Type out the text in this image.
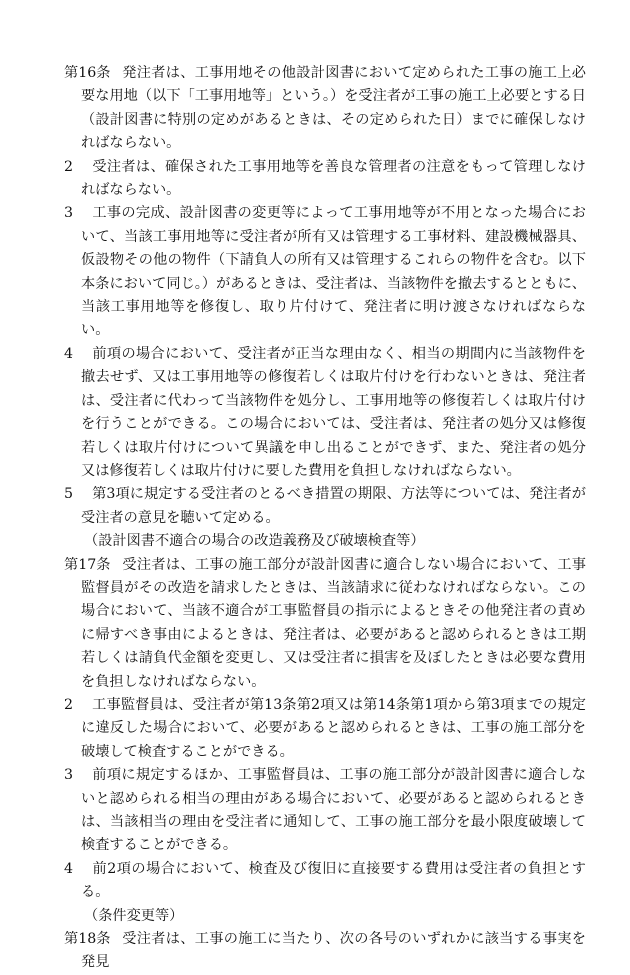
第16条 発注者は、工事用地その他設計図書において定められた工事の施工上必要な用地（以下「工事用地等」という。）を受注者が工事の施工上必要とする日（設計図書に特別の定めがあるときは、その定められた日）までに確保しなければならない。

2 受注者は、確保された工事用地等を善良な管理者の注意をもって管理しなければならない。

3 工事の完成、設計図書の変更等によって工事用地等が不用となった場合において、当該工事用地等に受注者が所有又は管理する工事材料、建設機械器具、仮設物その他の物件（下請負人の所有又は管理するこれらの物件を含む。以下本条において同じ。）があるときは、受注者は、当該物件を撤去するとともに、当該工事用地等を修復し、取り片付けて、発注者に明け渡さなければならない。

4 前項の場合において、受注者が正当な理由なく、相当の期間内に当該物件を撤去せず、又は工事用地等の修復若しくは取片付けを行わないときは、発注者は、受注者に代わって当該物件を処分し、工事用地等の修復若しくは取片付けを行うことができる。この場合においては、受注者は、発注者の処分又は修復若しくは取片付けについて異議を申し出ることができず、また、発注者の処分又は修復若しくは取片付けに要した費用を負担しなければならない。

5 第3項に規定する受注者のとるべき措置の期限、方法等については、発注者が受注者の意見を聴いて定める。

（設計図書不適合の場合の改造義務及び破壊検査等）

第17条 受注者は、工事の施工部分が設計図書に適合しない場合において、工事監督員がその改造を請求したときは、当該請求に従わなければならない。この場合において、当該不適合が工事監督員の指示によるときその他発注者の責めに帰すべき事由によるときは、発注者は、必要があると認められるときは工期若しくは請負代金額を変更し、又は受注者に損害を及ぼしたときは必要な費用を負担しなければならない。

2 工事監督員は、受注者が第13条第2項又は第14条第1項から第3項までの規定に違反した場合において、必要があると認められるときは、工事の施工部分を破壊して検査することができる。

3 前項に規定するほか、工事監督員は、工事の施工部分が設計図書に適合しないと認められる相当の理由がある場合において、必要があると認められるときは、当該相当の理由を受注者に通知して、工事の施工部分を最小限度破壊して検査することができる。

4 前2項の場合において、検査及び復旧に直接要する費用は受注者の負担とする。

（条件変更等）

第18条 受注者は、工事の施工に当たり、次の各号のいずれかに該当する事実を発見
